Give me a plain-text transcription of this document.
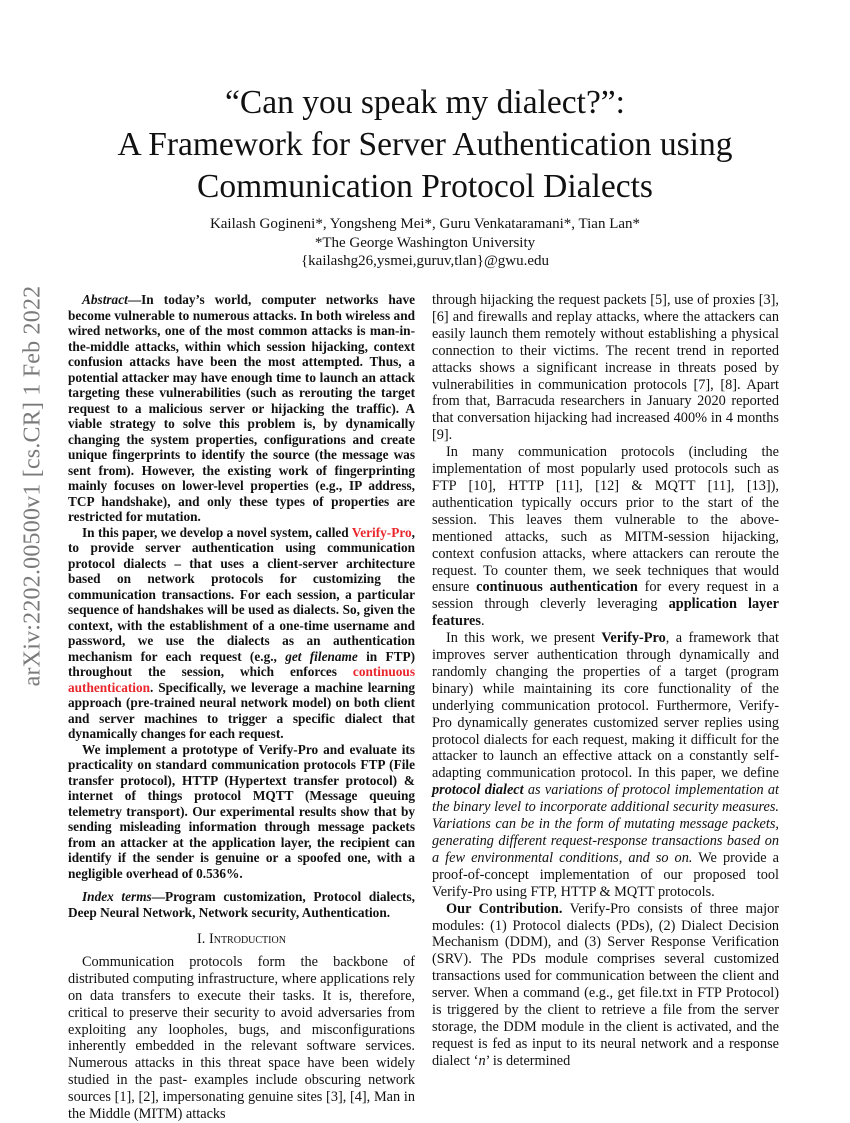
arXiv:2202.00500v1 [cs.CR] 1 Feb 2022
“Can you speak my dialect?”:
A Framework for Server Authentication using
Communication Protocol Dialects
Kailash Gogineni*, Yongsheng Mei*, Guru Venkataramani*, Tian Lan*
*The George Washington University
{kailashg26,ysmei,guruv,tlan}@gwu.edu

Abstract—In today’s world, computer networks have become vulnerable to numerous attacks. In both wireless and wired networks, one of the most common attacks is man-in-the-middle attacks, within which session hijacking, context confusion attacks have been the most attempted. Thus, a potential attacker may have enough time to launch an attack targeting these vulnerabilities (such as rerouting the target request to a malicious server or hijacking the traffic). A viable strategy to solve this problem is, by dynamically changing the system properties, configurations and create unique fingerprints to identify the source (the message was sent from). However, the existing work of fingerprinting mainly focuses on lower-level properties (e.g., IP address, TCP handshake), and only these types of properties are restricted for mutation.

In this paper, we develop a novel system, called Verify-Pro, to provide server authentication using communication protocol dialects – that uses a client-server architecture based on network protocols for customizing the communication transactions. For each session, a particular sequence of handshakes will be used as dialects. So, given the context, with the establishment of a one-time username and password, we use the dialects as an authentication mechanism for each request (e.g., get filename in FTP) throughout the session, which enforces continuous authentication. Specifically, we leverage a machine learning approach (pre-trained neural network model) on both client and server machines to trigger a specific dialect that dynamically changes for each request.

We implement a prototype of Verify-Pro and evaluate its practicality on standard communication protocols FTP (File transfer protocol), HTTP (Hypertext transfer protocol) & internet of things protocol MQTT (Message queuing telemetry transport). Our experimental results show that by sending misleading information through message packets from an attacker at the application layer, the recipient can identify if the sender is genuine or a spoofed one, with a negligible overhead of 0.536%.

Index terms—Program customization, Protocol dialects, Deep Neural Network, Network security, Authentication.

I. Introduction

Communication protocols form the backbone of distributed computing infrastructure, where applications rely on data transfers to execute their tasks. It is, therefore, critical to preserve their security to avoid adversaries from exploiting any loopholes, bugs, and misconfigurations inherently embedded in the relevant software services. Numerous attacks in this threat space have been widely studied in the past- examples include obscuring network sources [1], [2], impersonating genuine sites [3], [4], Man in the Middle (MITM) attacks

through hijacking the request packets [5], use of proxies [3], [6] and firewalls and replay attacks, where the attackers can easily launch them remotely without establishing a physical connection to their victims. The recent trend in reported attacks shows a significant increase in threats posed by vulnerabilities in communication protocols [7], [8]. Apart from that, Barracuda researchers in January 2020 reported that conversation hijacking had increased 400% in 4 months [9].

In many communication protocols (including the implementation of most popularly used protocols such as FTP [10], HTTP [11], [12] & MQTT [11], [13]), authentication typically occurs prior to the start of the session. This leaves them vulnerable to the above-mentioned attacks, such as MITM-session hijacking, context confusion attacks, where attackers can reroute the request. To counter them, we seek techniques that would ensure continuous authentication for every request in a session through cleverly leveraging application layer features.

In this work, we present Verify-Pro, a framework that improves server authentication through dynamically and randomly changing the properties of a target (program binary) while maintaining its core functionality of the underlying communication protocol. Furthermore, Verify-Pro dynamically generates customized server replies using protocol dialects for each request, making it difficult for the attacker to launch an effective attack on a constantly self-adapting communication protocol. In this paper, we define protocol dialect as variations of protocol implementation at the binary level to incorporate additional security measures. Variations can be in the form of mutating message packets, generating different request-response transactions based on a few environmental conditions, and so on. We provide a proof-of-concept implementation of our proposed tool Verify-Pro using FTP, HTTP & MQTT protocols.

Our Contribution. Verify-Pro consists of three major modules: (1) Protocol dialects (PDs), (2) Dialect Decision Mechanism (DDM), and (3) Server Response Verification (SRV). The PDs module comprises several customized transactions used for communication between the client and server. When a command (e.g., get file.txt in FTP Protocol) is triggered by the client to retrieve a file from the server storage, the DDM module in the client is activated, and the request is fed as input to its neural network and a response dialect ‘n’ is determined
